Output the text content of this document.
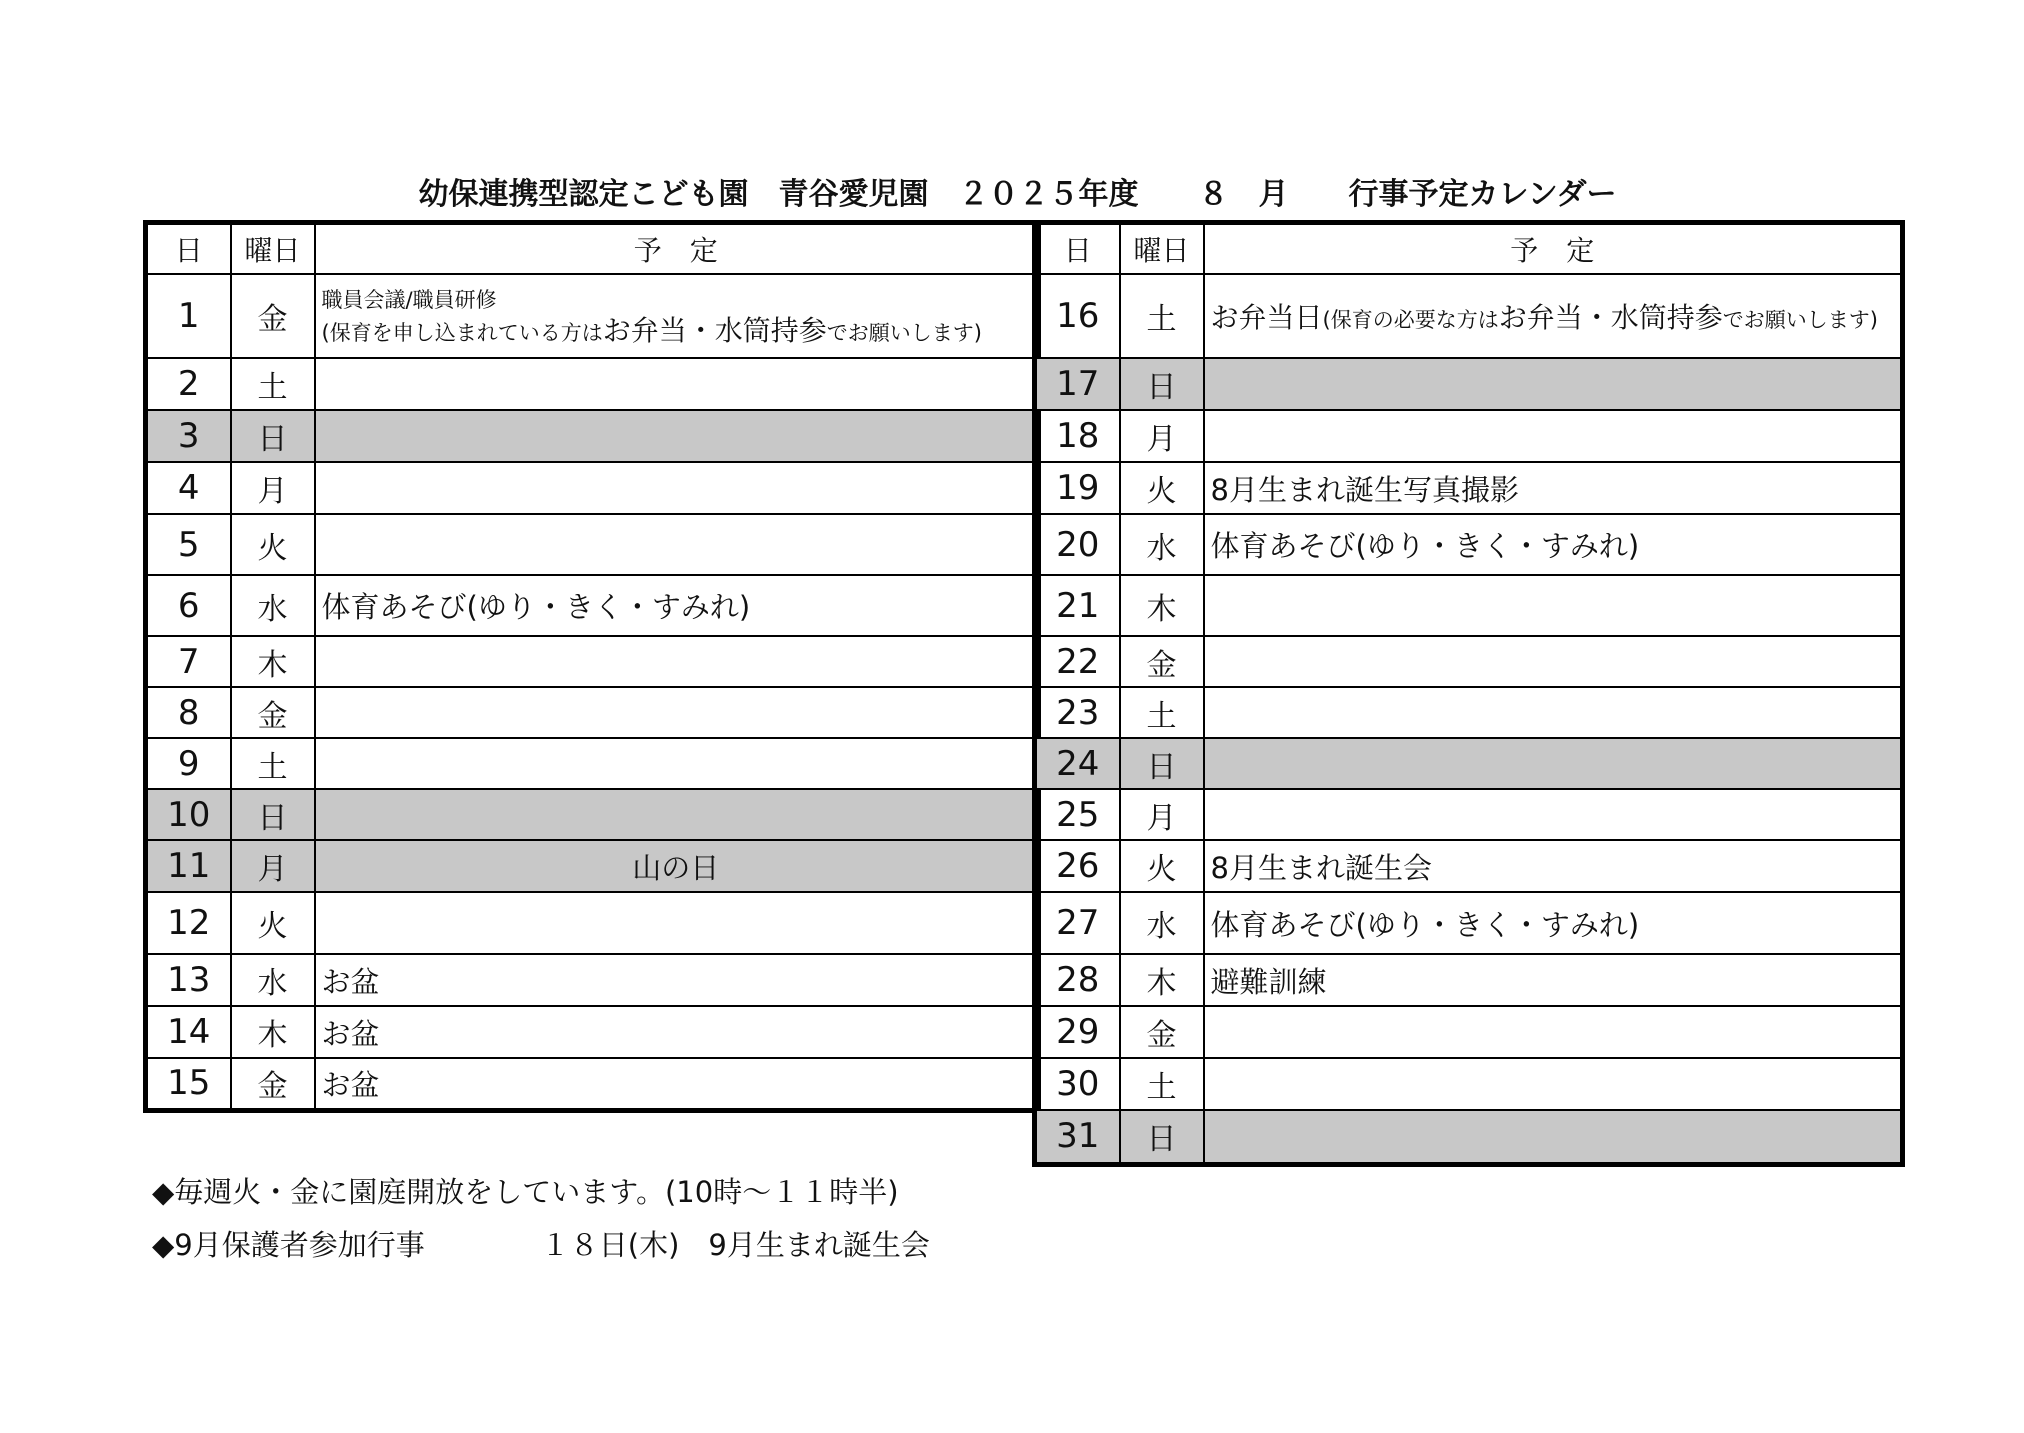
幼保連携型認定こども園　青谷愛児園　２０２５年度　　８　月　　行事予定カレンダー
日	曜日	予　定
1	金	職員会議/職員研修
(保育を申し込まれている方はお弁当・水筒持参でお願いします)

2	土	
3	日	
4	月	
5	火	
6	水	体育あそび(ゆり・きく・すみれ)
7	木	
8	金	
9	土	
10	日	
11	月	山の日
12	火	
13	水	お盆
14	木	お盆
15	金	お盆
日	曜日	予　定
16	土	お弁当日(保育の必要な方はお弁当・水筒持参でお願いします)
17	日	
18	月	
19	火	8月生まれ誕生写真撮影
20	水	体育あそび(ゆり・きく・すみれ)
21	木	
22	金	
23	土	
24	日	
25	月	
26	火	8月生まれ誕生会
27	水	体育あそび(ゆり・きく・すみれ)
28	木	避難訓練
29	金	
30	土	
31	日	
◆毎週火・金に園庭開放をしています。(10時～１１時半)
◆9月保護者参加行事　　　　１８日(木)　9月生まれ誕生会
